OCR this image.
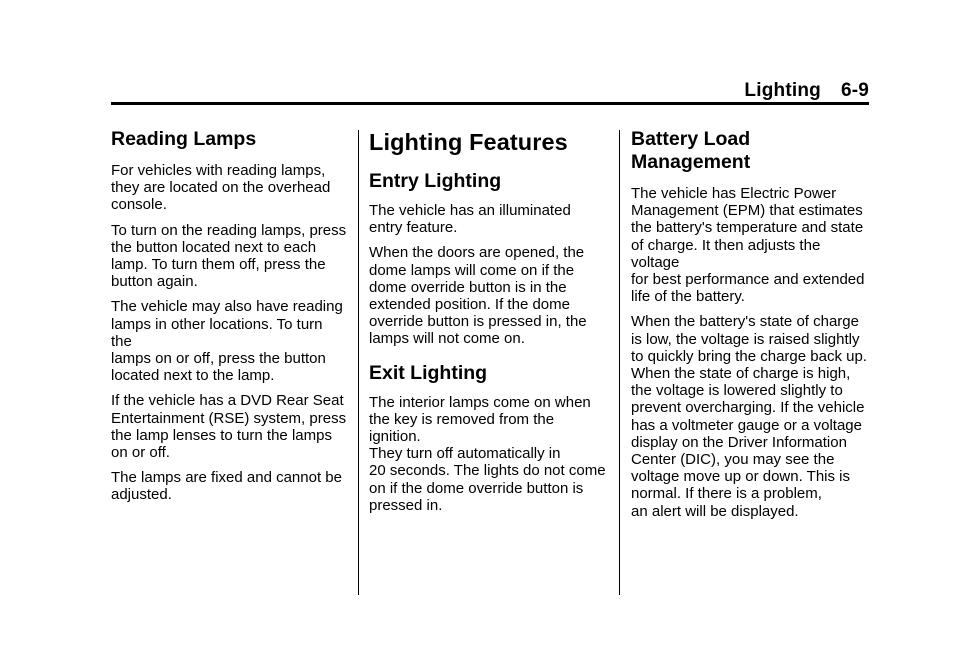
Lighting 6-9
Reading Lamps

For vehicles with reading lamps,
they are located on the overhead
console.

To turn on the reading lamps, press
the button located next to each
lamp. To turn them off, press the
button again.

The vehicle may also have reading
lamps in other locations. To turn the
lamps on or off, press the button
located next to the lamp.

If the vehicle has a DVD Rear Seat
Entertainment (RSE) system, press
the lamp lenses to turn the lamps
on or off.

The lamps are fixed and cannot be
adjusted.

Lighting Features
Entry Lighting

The vehicle has an illuminated
entry feature.

When the doors are opened, the
dome lamps will come on if the
dome override button is in the
extended position. If the dome
override button is pressed in, the
lamps will not come on.

Exit Lighting

The interior lamps come on when
the key is removed from the ignition.
They turn off automatically in
20 seconds. The lights do not come
on if the dome override button is
pressed in.

Battery Load
Management

The vehicle has Electric Power
Management (EPM) that estimates
the battery's temperature and state
of charge. It then adjusts the voltage
for best performance and extended
life of the battery.

When the battery's state of charge
is low, the voltage is raised slightly
to quickly bring the charge back up.
When the state of charge is high,
the voltage is lowered slightly to
prevent overcharging. If the vehicle
has a voltmeter gauge or a voltage
display on the Driver Information
Center (DIC), you may see the
voltage move up or down. This is
normal. If there is a problem,
an alert will be displayed.
